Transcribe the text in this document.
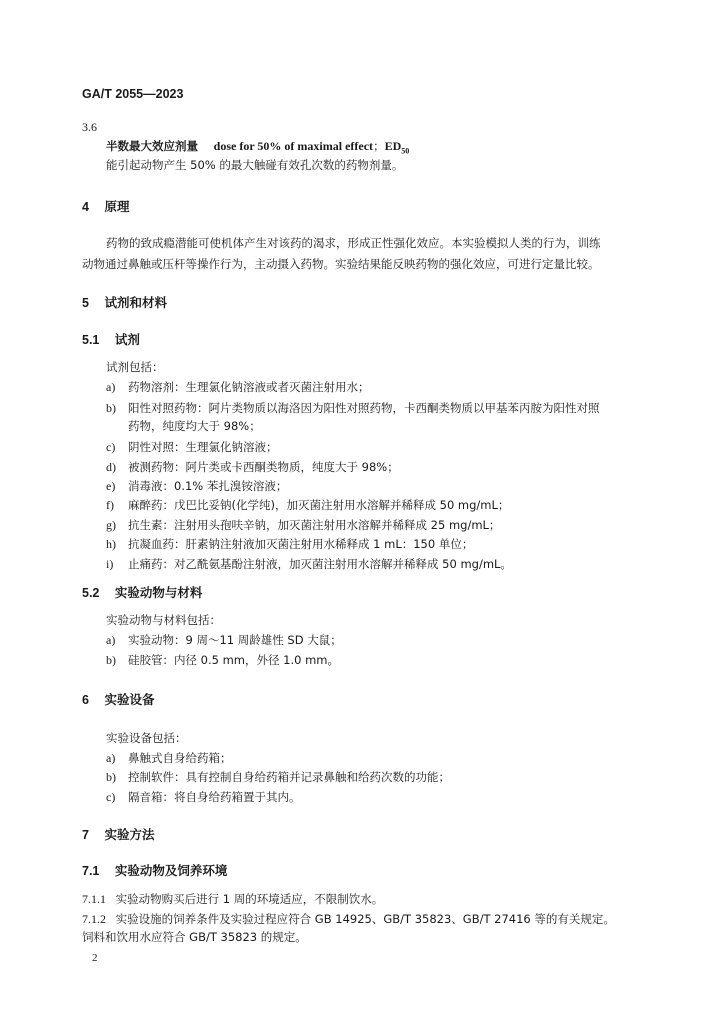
GA/T 2055—2023
3.6
半数最大效应剂量 dose for 50% of maximal effect；$ED_{50}$
能引起动物产生 50% 的最大触碰有效孔次数的药物剂量。
4 原理
药物的致成瘾潜能可使机体产生对该药的渴求，形成正性强化效应。本实验模拟人类的行为，训练
动物通过鼻触或压杆等操作行为，主动摄入药物。实验结果能反映药物的强化效应，可进行定量比较。
5 试剂和材料
5.1 试剂
试剂包括：
a) 药物溶剂：生理氯化钠溶液或者灭菌注射用水；
b) 阳性对照药物：阿片类物质以海洛因为阳性对照药物，卡西酮类物质以甲基苯丙胺为阳性对照
药物，纯度均大于 98%；
c) 阴性对照：生理氯化钠溶液；
d) 被测药物：阿片类或卡西酮类物质，纯度大于 98%；
e) 消毒液：0.1% 苯扎溴铵溶液；
f) 麻醉药：戊巴比妥钠(化学纯)，加灭菌注射用水溶解并稀释成 50 mg/mL；
g) 抗生素：注射用头孢呋辛钠，加灭菌注射用水溶解并稀释成 25 mg/mL；
h) 抗凝血药：肝素钠注射液加灭菌注射用水稀释成 1 mL：150 单位；
i) 止痛药：对乙酰氨基酚注射液，加灭菌注射用水溶解并稀释成 50 mg/mL。
5.2 实验动物与材料
实验动物与材料包括：
a) 实验动物：9 周～11 周龄雄性 SD 大鼠；
b) 硅胶管：内径 0.5 mm，外径 1.0 mm。
6 实验设备
实验设备包括：
a) 鼻触式自身给药箱；
b) 控制软件：具有控制自身给药箱并记录鼻触和给药次数的功能；
c) 隔音箱：将自身给药箱置于其内。
7 实验方法
7.1 实验动物及饲养环境
7.1.1 实验动物购买后进行 1 周的环境适应，不限制饮水。
7.1.2 实验设施的饲养条件及实验过程应符合 GB 14925、GB/T 35823、GB/T 27416 等的有关规定。
饲料和饮用水应符合 GB/T 35823 的规定。
2
